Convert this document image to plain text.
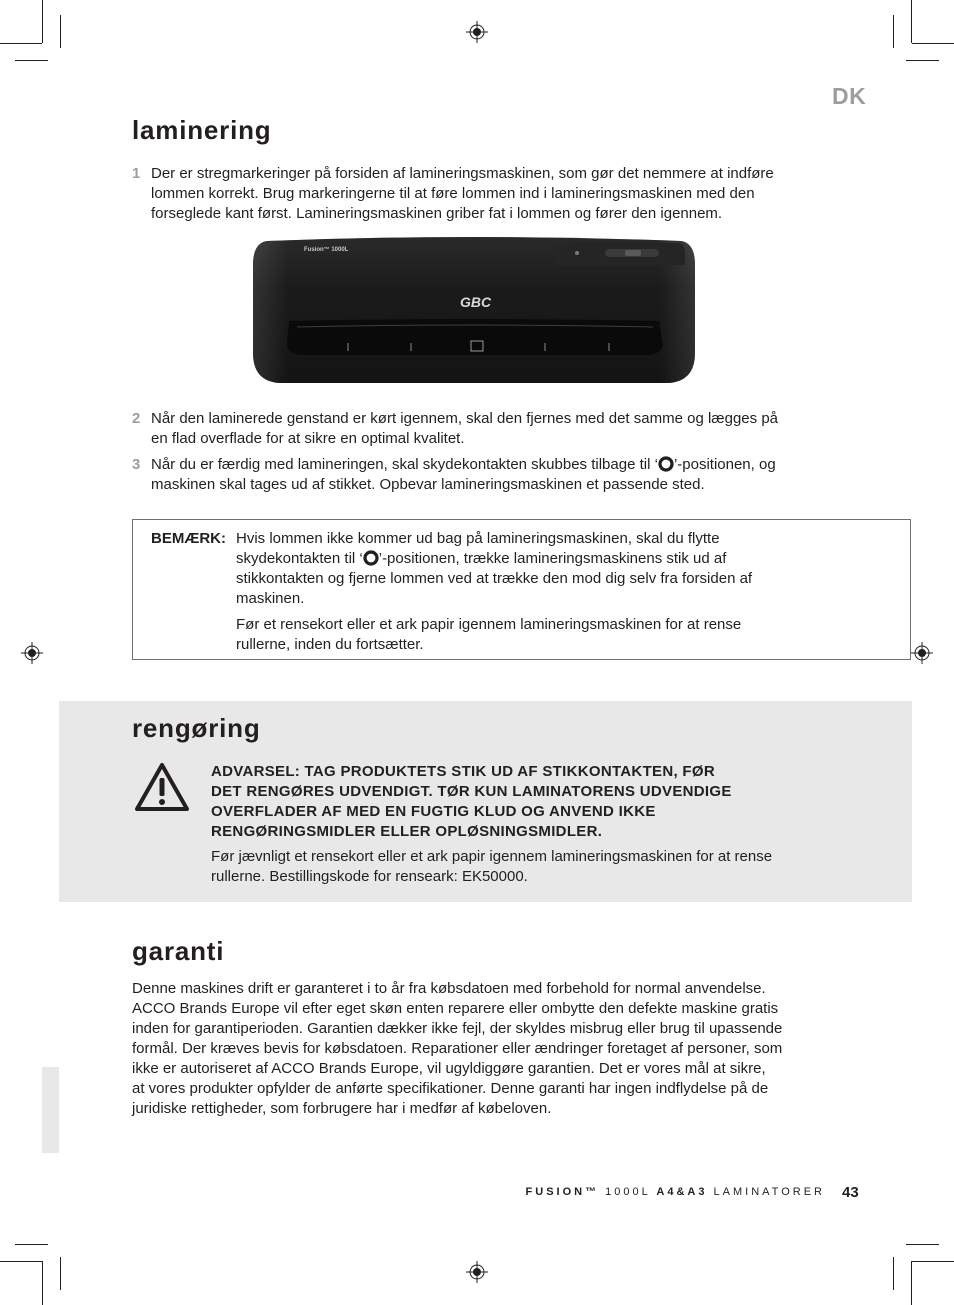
DK
laminering
1 Der er stregmarkeringer på forsiden af lamineringsmaskinen, som gør det nemmere at indføre
lommen korrekt. Brug markeringerne til at føre lommen ind i lamineringsmaskinen med den
forseglede kant først. Lamineringsmaskinen griber fat i lommen og fører den igennem.
Fusion™ 1000L
GBC
2 Når den laminerede genstand er kørt igennem, skal den fjernes med det samme og lægges på
en flad overflade for at sikre en optimal kvalitet.
3 Når du er færdig med lamineringen, skal skydekontakten skubbes tilbage til ‘ ’-positionen, og
maskinen skal tages ud af stikket. Opbevar lamineringsmaskinen et passende sted.
BEMÆRK: Hvis lommen ikke kommer ud bag på lamineringsmaskinen, skal du flytte
skydekontakten til ‘ ’-positionen, trække lamineringsmaskinens stik ud af
stikkontakten og fjerne lommen ved at trække den mod dig selv fra forsiden af
maskinen.
Før et rensekort eller et ark papir igennem lamineringsmaskinen for at rense
rullerne, inden du fortsætter.
rengøring
ADVARSEL: TAG PRODUKTETS STIK UD AF STIKKONTAKTEN, FØR
DET RENGØRES UDVENDIGT. TØR KUN LAMINATORENS UDVENDIGE
OVERFLADER AF MED EN FUGTIG KLUD OG ANVEND IKKE
RENGØRINGSMIDLER ELLER OPLØSNINGSMIDLER.
Før jævnligt et rensekort eller et ark papir igennem lamineringsmaskinen for at rense
rullerne. Bestillingskode for renseark: EK50000.
garanti
Denne maskines drift er garanteret i to år fra købsdatoen med forbehold for normal anvendelse.
ACCO Brands Europe vil efter eget skøn enten reparere eller ombytte den defekte maskine gratis
inden for garantiperioden. Garantien dækker ikke fejl, der skyldes misbrug eller brug til upassende
formål. Der kræves bevis for købsdatoen. Reparationer eller ændringer foretaget af personer, som
ikke er autoriseret af ACCO Brands Europe, vil ugyldiggøre garantien. Det er vores mål at sikre,
at vores produkter opfylder de anførte specifikationer. Denne garanti har ingen indflydelse på de
juridiske rettigheder, som forbrugere har i medfør af købeloven.
FUSION™ 1000L A4&A3 LAMINATORER 43
